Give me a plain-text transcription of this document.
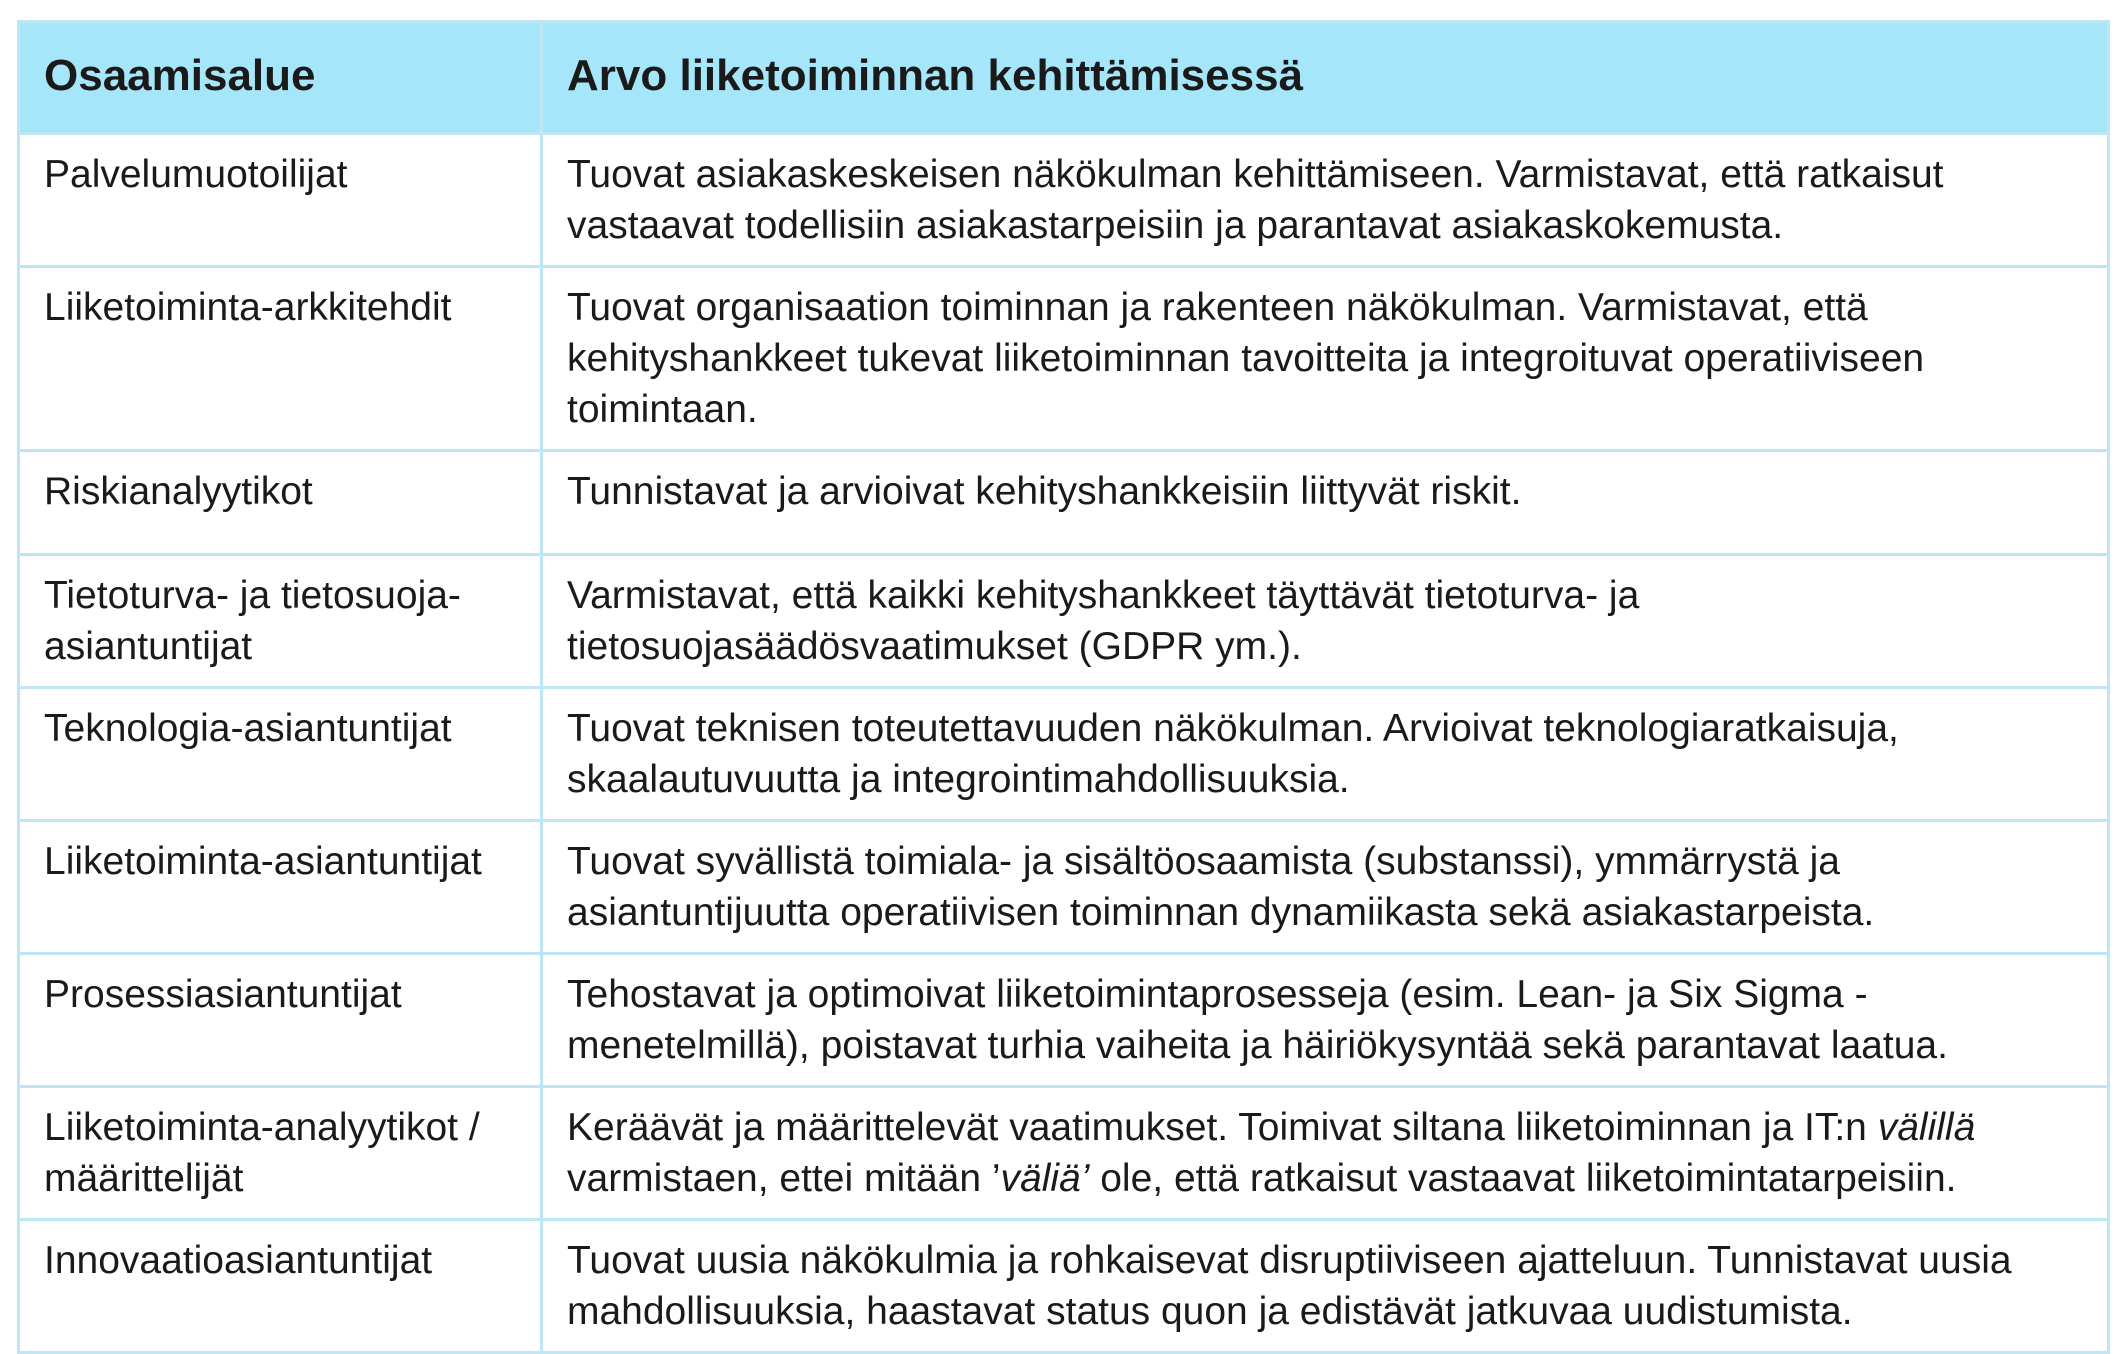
Osaamisalue	Arvo liiketoiminnan kehittämisessä
Palvelumuotoilijat	Tuovat asiakaskeskeisen näkökulman kehittämiseen. Varmistavat, että ratkaisut vastaavat todellisiin asiakastarpeisiin ja parantavat asiakaskokemusta.
Liiketoiminta-arkkitehdit	Tuovat organisaation toiminnan ja rakenteen näkökulman. Varmistavat, että kehityshankkeet tukevat liiketoiminnan tavoitteita ja integroituvat operatiiviseen toimintaan.
Riskianalyytikot	Tunnistavat ja arvioivat kehityshankkeisiin liittyvät riskit.
Tietoturva- ja tietosuoja-asiantuntijat	Varmistavat, että kaikki kehityshankkeet täyttävät tietoturva- ja tietosuojasäädösvaatimukset (GDPR ym.).
Teknologia-asiantuntijat	Tuovat teknisen toteutettavuuden näkökulman. Arvioivat teknologiaratkaisuja, skaalautuvuutta ja integrointimahdollisuuksia.
Liiketoiminta-asiantuntijat	Tuovat syvällistä toimiala- ja sisältöosaamista (substanssi), ymmärrystä ja asiantuntijuutta operatiivisen toiminnan dynamiikasta sekä asiakastarpeista.
Prosessiasiantuntijat	Tehostavat ja optimoivat liiketoimintaprosesseja (esim. Lean- ja Six Sigma -menetelmillä), poistavat turhia vaiheita ja häiriökysyntää sekä parantavat laatua.
Liiketoiminta-analyytikot / määrittelijät	Keräävät ja määrittelevät vaatimukset. Toimivat siltana liiketoiminnan ja IT:n välillä varmistaen, ettei mitään ’väliä’ ole, että ratkaisut vastaavat liiketoimintatarpeisiin.
Innovaatioasiantuntijat	Tuovat uusia näkökulmia ja rohkaisevat disruptiiviseen ajatteluun. Tunnistavat uusia mahdollisuuksia, haastavat status quon ja edistävät jatkuvaa uudistumista.
